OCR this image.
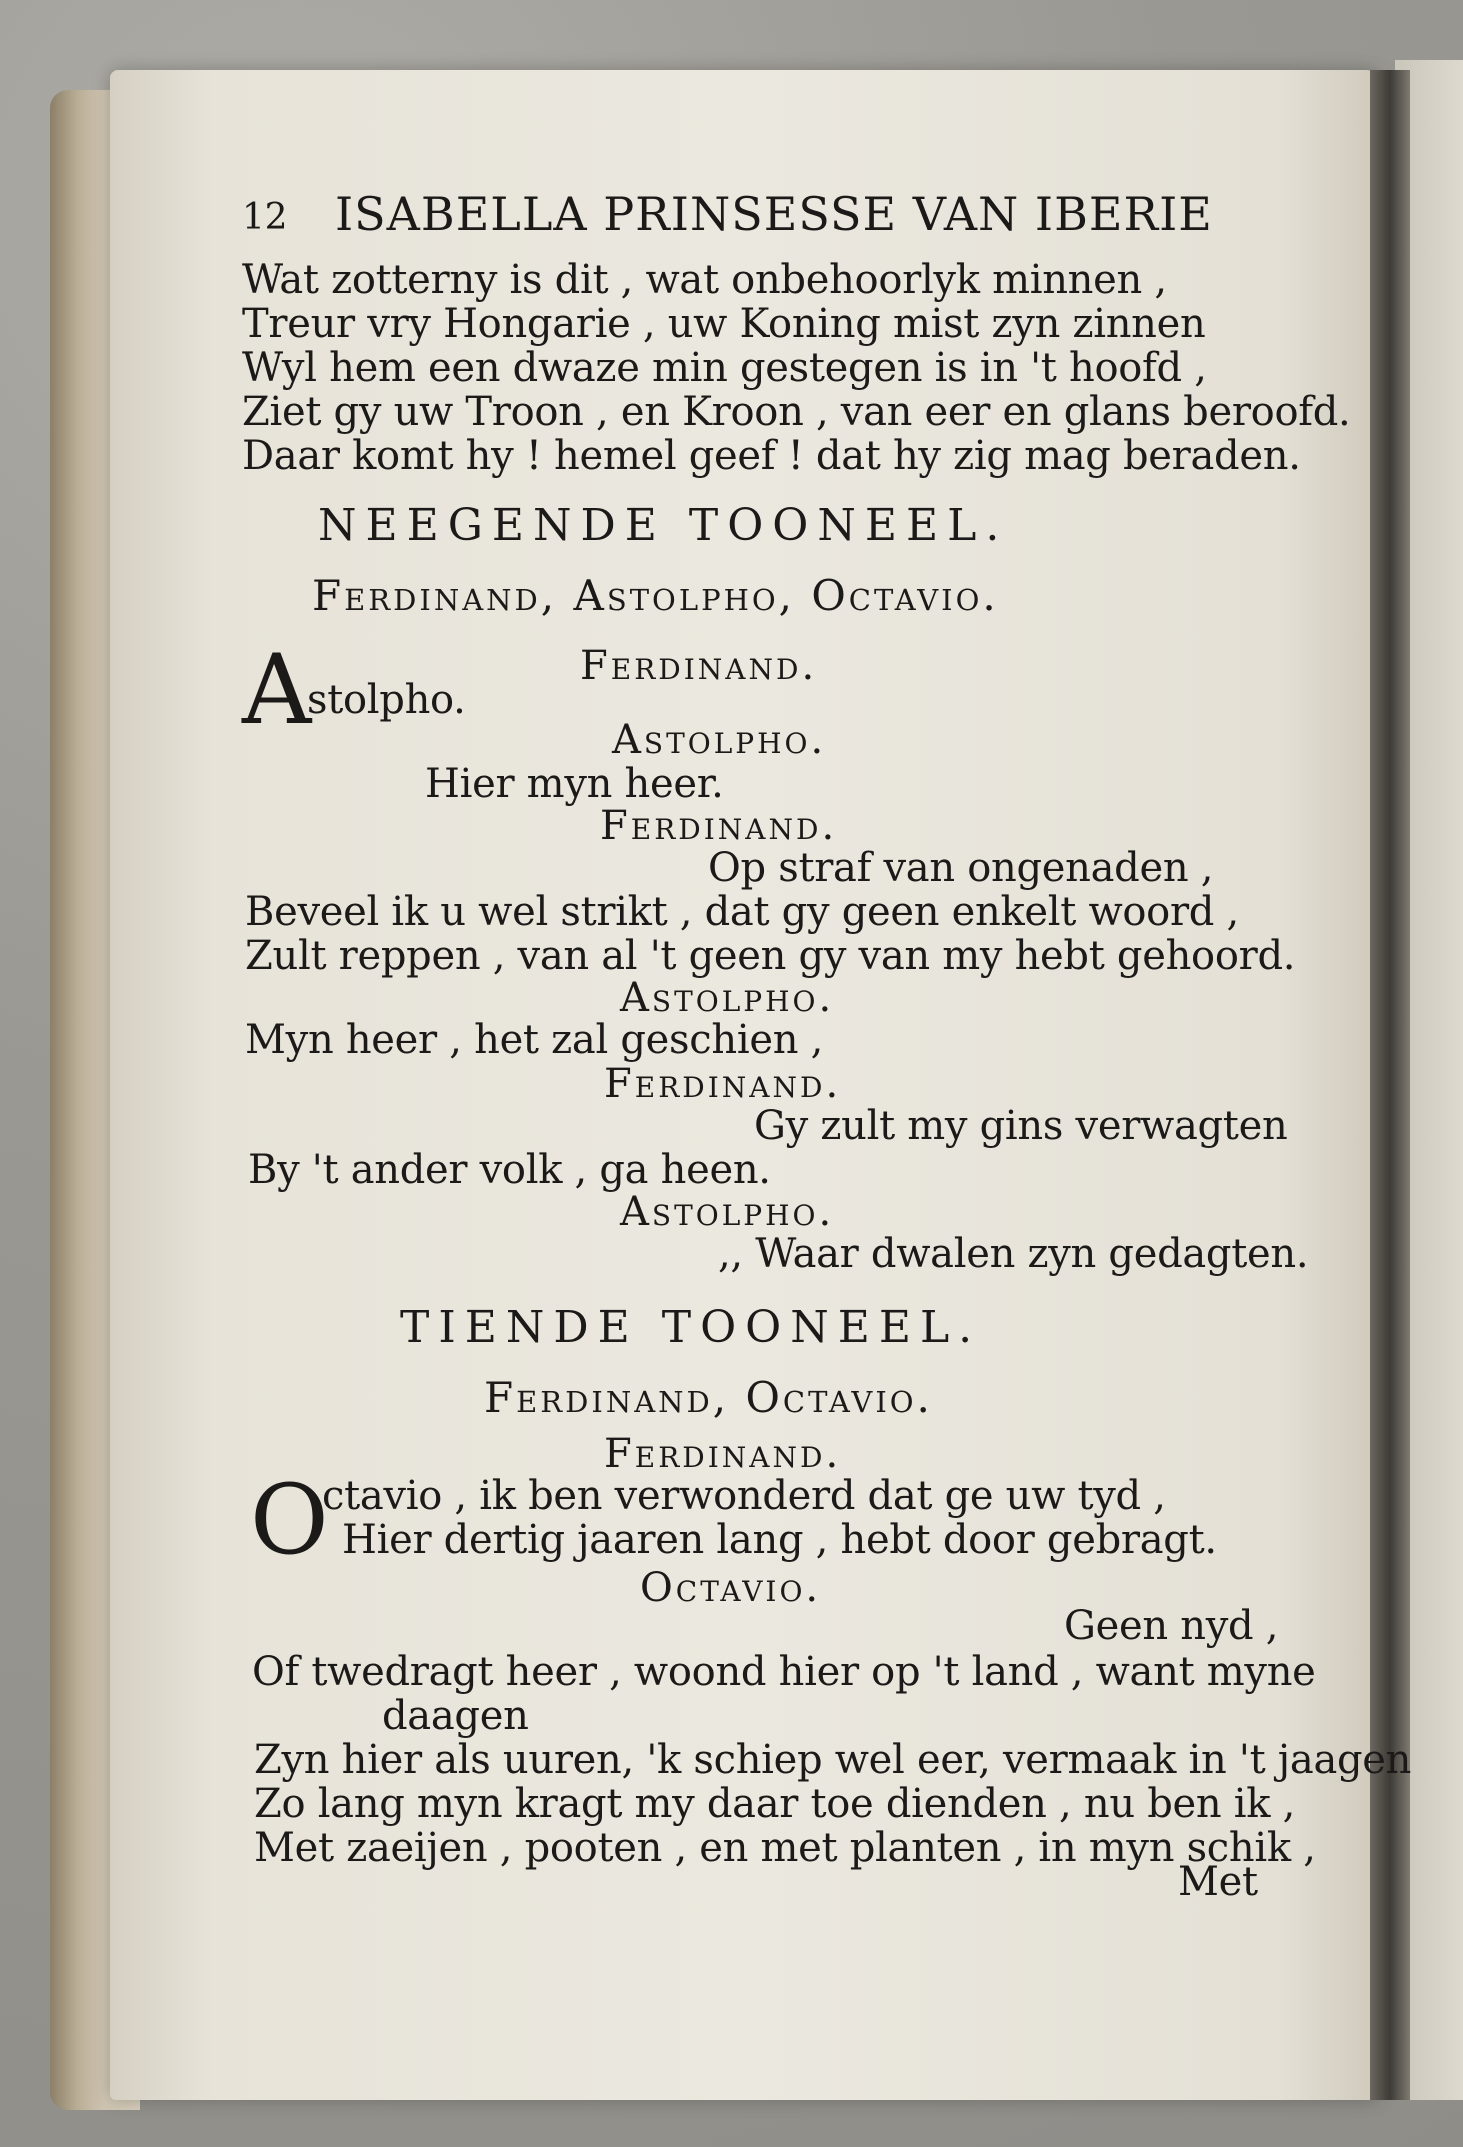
12 ISABELLA PRINSESSE VAN IBERIE
Wat zotterny is dit , wat onbehoorlyk minnen ,
Treur vry Hongarie , uw Koning mist zyn zinnen
Wyl hem een dwaze min gestegen is in 't hoofd ,
Ziet gy uw Troon , en Kroon , van eer en glans beroofd.
Daar komt hy ! hemel geef ! dat hy zig mag beraden.
NEEGENDE TOONEEL.
Ferdinand, Astolpho, Octavio.
Ferdinand.
A
stolpho.
Astolpho.
Hier myn heer.
Ferdinand.
Op straf van ongenaden ,
Beveel ik u wel strikt , dat gy geen enkelt woord ,
Zult reppen , van al 't geen gy van my hebt gehoord.
Astolpho.
Myn heer , het zal geschien ,
Ferdinand.
Gy zult my gins verwagten
By 't ander volk , ga heen.
Astolpho.
,, Waar dwalen zyn gedagten.
TIENDE TOONEEL.
Ferdinand, Octavio.
Ferdinand.
O
ctavio , ik ben verwonderd dat ge uw tyd ,
Hier dertig jaaren lang , hebt door gebragt.
Octavio.
Geen nyd ,
Of twedragt heer , woond hier op 't land , want myne
daagen
Zyn hier als uuren, 'k schiep wel eer, vermaak in 't jaagen
Zo lang myn kragt my daar toe dienden , nu ben ik ,
Met zaeijen , pooten , en met planten , in myn schik ,
Met
